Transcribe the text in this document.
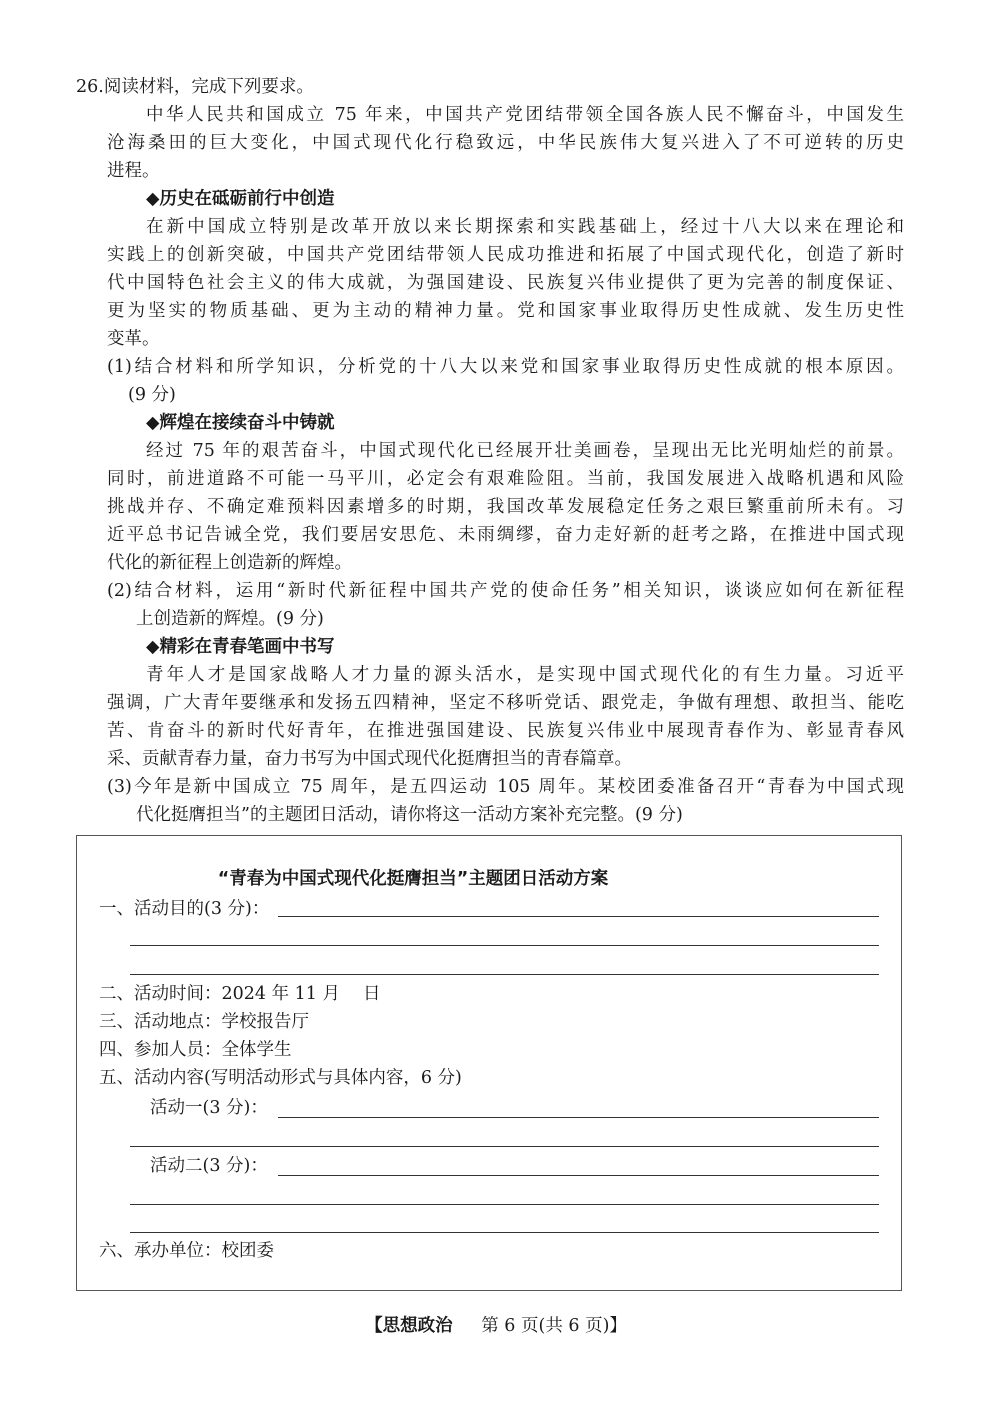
26.阅读材料，完成下列要求。
中华人民共和国成立 75 年来，中国共产党团结带领全国各族人民不懈奋斗，中国发生
沧海桑田的巨大变化，中国式现代化行稳致远，中华民族伟大复兴进入了不可逆转的历史
进程。
◆历史在砥砺前行中创造
在新中国成立特别是改革开放以来长期探索和实践基础上，经过十八大以来在理论和
实践上的创新突破，中国共产党团结带领人民成功推进和拓展了中国式现代化，创造了新时
代中国特色社会主义的伟大成就，为强国建设、民族复兴伟业提供了更为完善的制度保证、
更为坚实的物质基础、更为主动的精神力量。党和国家事业取得历史性成就、发生历史性
变革。
(1)结合材料和所学知识，分析党的十八大以来党和国家事业取得历史性成就的根本原因。
(9 分)
◆辉煌在接续奋斗中铸就
经过 75 年的艰苦奋斗，中国式现代化已经展开壮美画卷，呈现出无比光明灿烂的前景。
同时，前进道路不可能一马平川，必定会有艰难险阻。当前，我国发展进入战略机遇和风险
挑战并存、不确定难预料因素增多的时期，我国改革发展稳定任务之艰巨繁重前所未有。习
近平总书记告诫全党，我们要居安思危、未雨绸缪，奋力走好新的赶考之路，在推进中国式现
代化的新征程上创造新的辉煌。
(2)结合材料，运用“新时代新征程中国共产党的使命任务”相关知识，谈谈应如何在新征程
上创造新的辉煌。(9 分)
◆精彩在青春笔画中书写
青年人才是国家战略人才力量的源头活水，是实现中国式现代化的有生力量。习近平
强调，广大青年要继承和发扬五四精神，坚定不移听党话、跟党走，争做有理想、敢担当、能吃
苦、肯奋斗的新时代好青年，在推进强国建设、民族复兴伟业中展现青春作为、彰显青春风
采、贡献青春力量，奋力书写为中国式现代化挺膺担当的青春篇章。
(3)今年是新中国成立 75 周年，是五四运动 105 周年。某校团委准备召开“青春为中国式现
代化挺膺担当”的主题团日活动，请你将这一活动方案补充完整。(9 分)
“青春为中国式现代化挺膺担当”主题团日活动方案
一、活动目的(3 分)：
二、活动时间：2024 年 11 月　 日
三、活动地点：学校报告厅
四、参加人员：全体学生
五、活动内容(写明活动形式与具体内容，6 分)
活动一(3 分)：
活动二(3 分)：
六、承办单位：校团委
【思想政治 　 第 6 页(共 6 页)】
